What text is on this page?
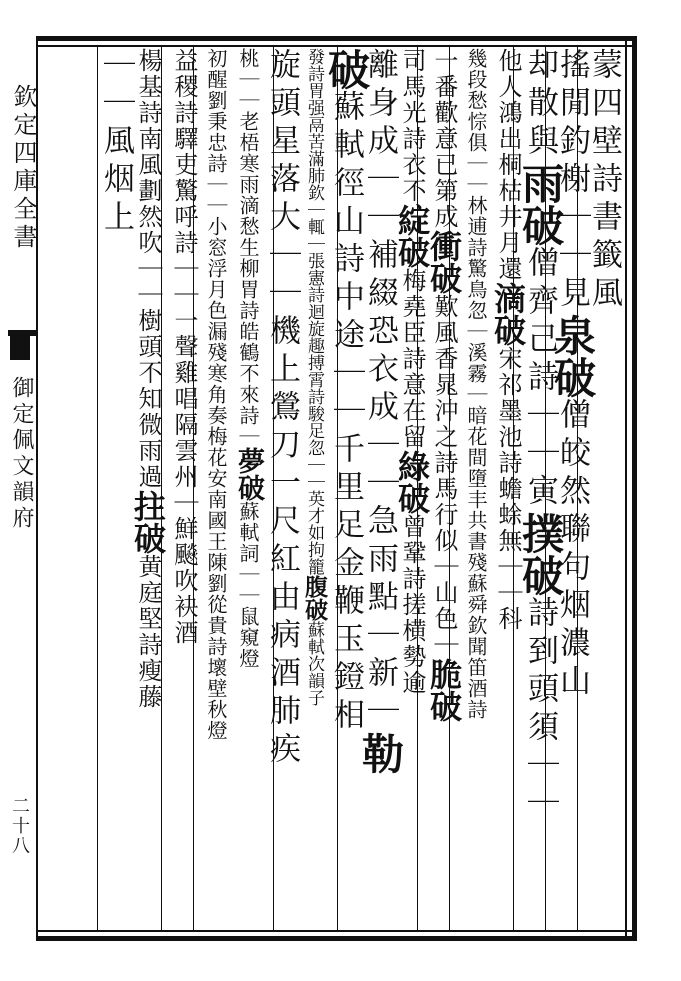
欽定四庫全書
御定佩文韻府
二十八
蒙四壁詩書籤風
搖閒釣榭｜｜見泉破僧皎然聯句烟濃山
却散與雨破僧齊己詩｜｜寅撲破詩到頭須｜｜
他人鴻出桐枯井月還滴破宋祁墨池詩蟾蜍無｜｜科
幾段愁悰俱｜｜林逋詩驚鳥忽｜溪霧｜暗花間墮丰共書殘蘇舜欽聞笛酒詩
一番歡意已第成衝破歎風香晁沖之詩馬行似｜山色｜脆破
司馬光詩衣不綻破梅堯臣詩意在留綠破曾鞏詩搓横勢逾
離身成｜｜補綴恐衣成｜｜急雨點｜新｜勒
破蘇軾徑山詩中途｜｜千里足金鞭玉鐙相
發詩胃强鬲苦滿肺欽｜輒｜張憲詩迴旋趣搏霄詩駿足忽｜｜英才如拘籠腹破蘇軾次韻子
旋頭星落大｜｜機上鶯刀一尺紅由病酒肺疾
桃｜｜老梧寒雨滴愁生柳胃詩皓鶴不來詩｜夢破蘇軾詞｜｜鼠窺燈
初醒劉秉忠詩｜｜小窓浮月色漏殘寒角奏梅花安南國王陳劉從貴詩壞壁秋燈
益稷詩驛吏驚呼詩｜｜一聲雞唱隔雲州｜鮮飈吹袂酒
楊基詩南風劃然吹｜｜樹頭不知微雨過拄破黄庭堅詩瘦藤
｜｜風烟上
